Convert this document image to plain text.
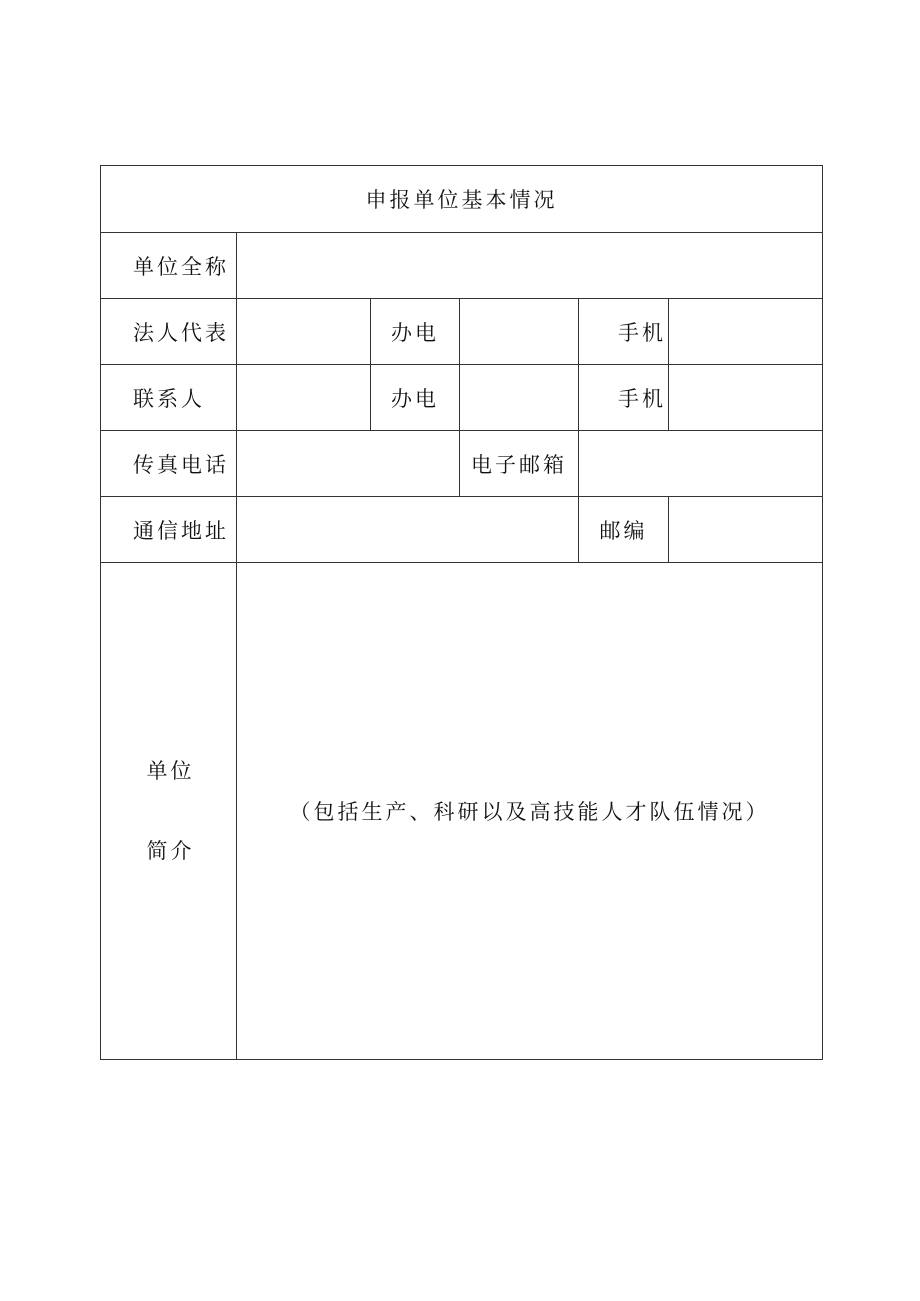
申报单位基本情况					
单位全称					
法人代表		办电		手机	
联系人		办电		手机	
传真电话			电子邮箱		
通信地址				邮编	

单位
简介	（包括生产、科研以及高技能人才队伍情况）				
